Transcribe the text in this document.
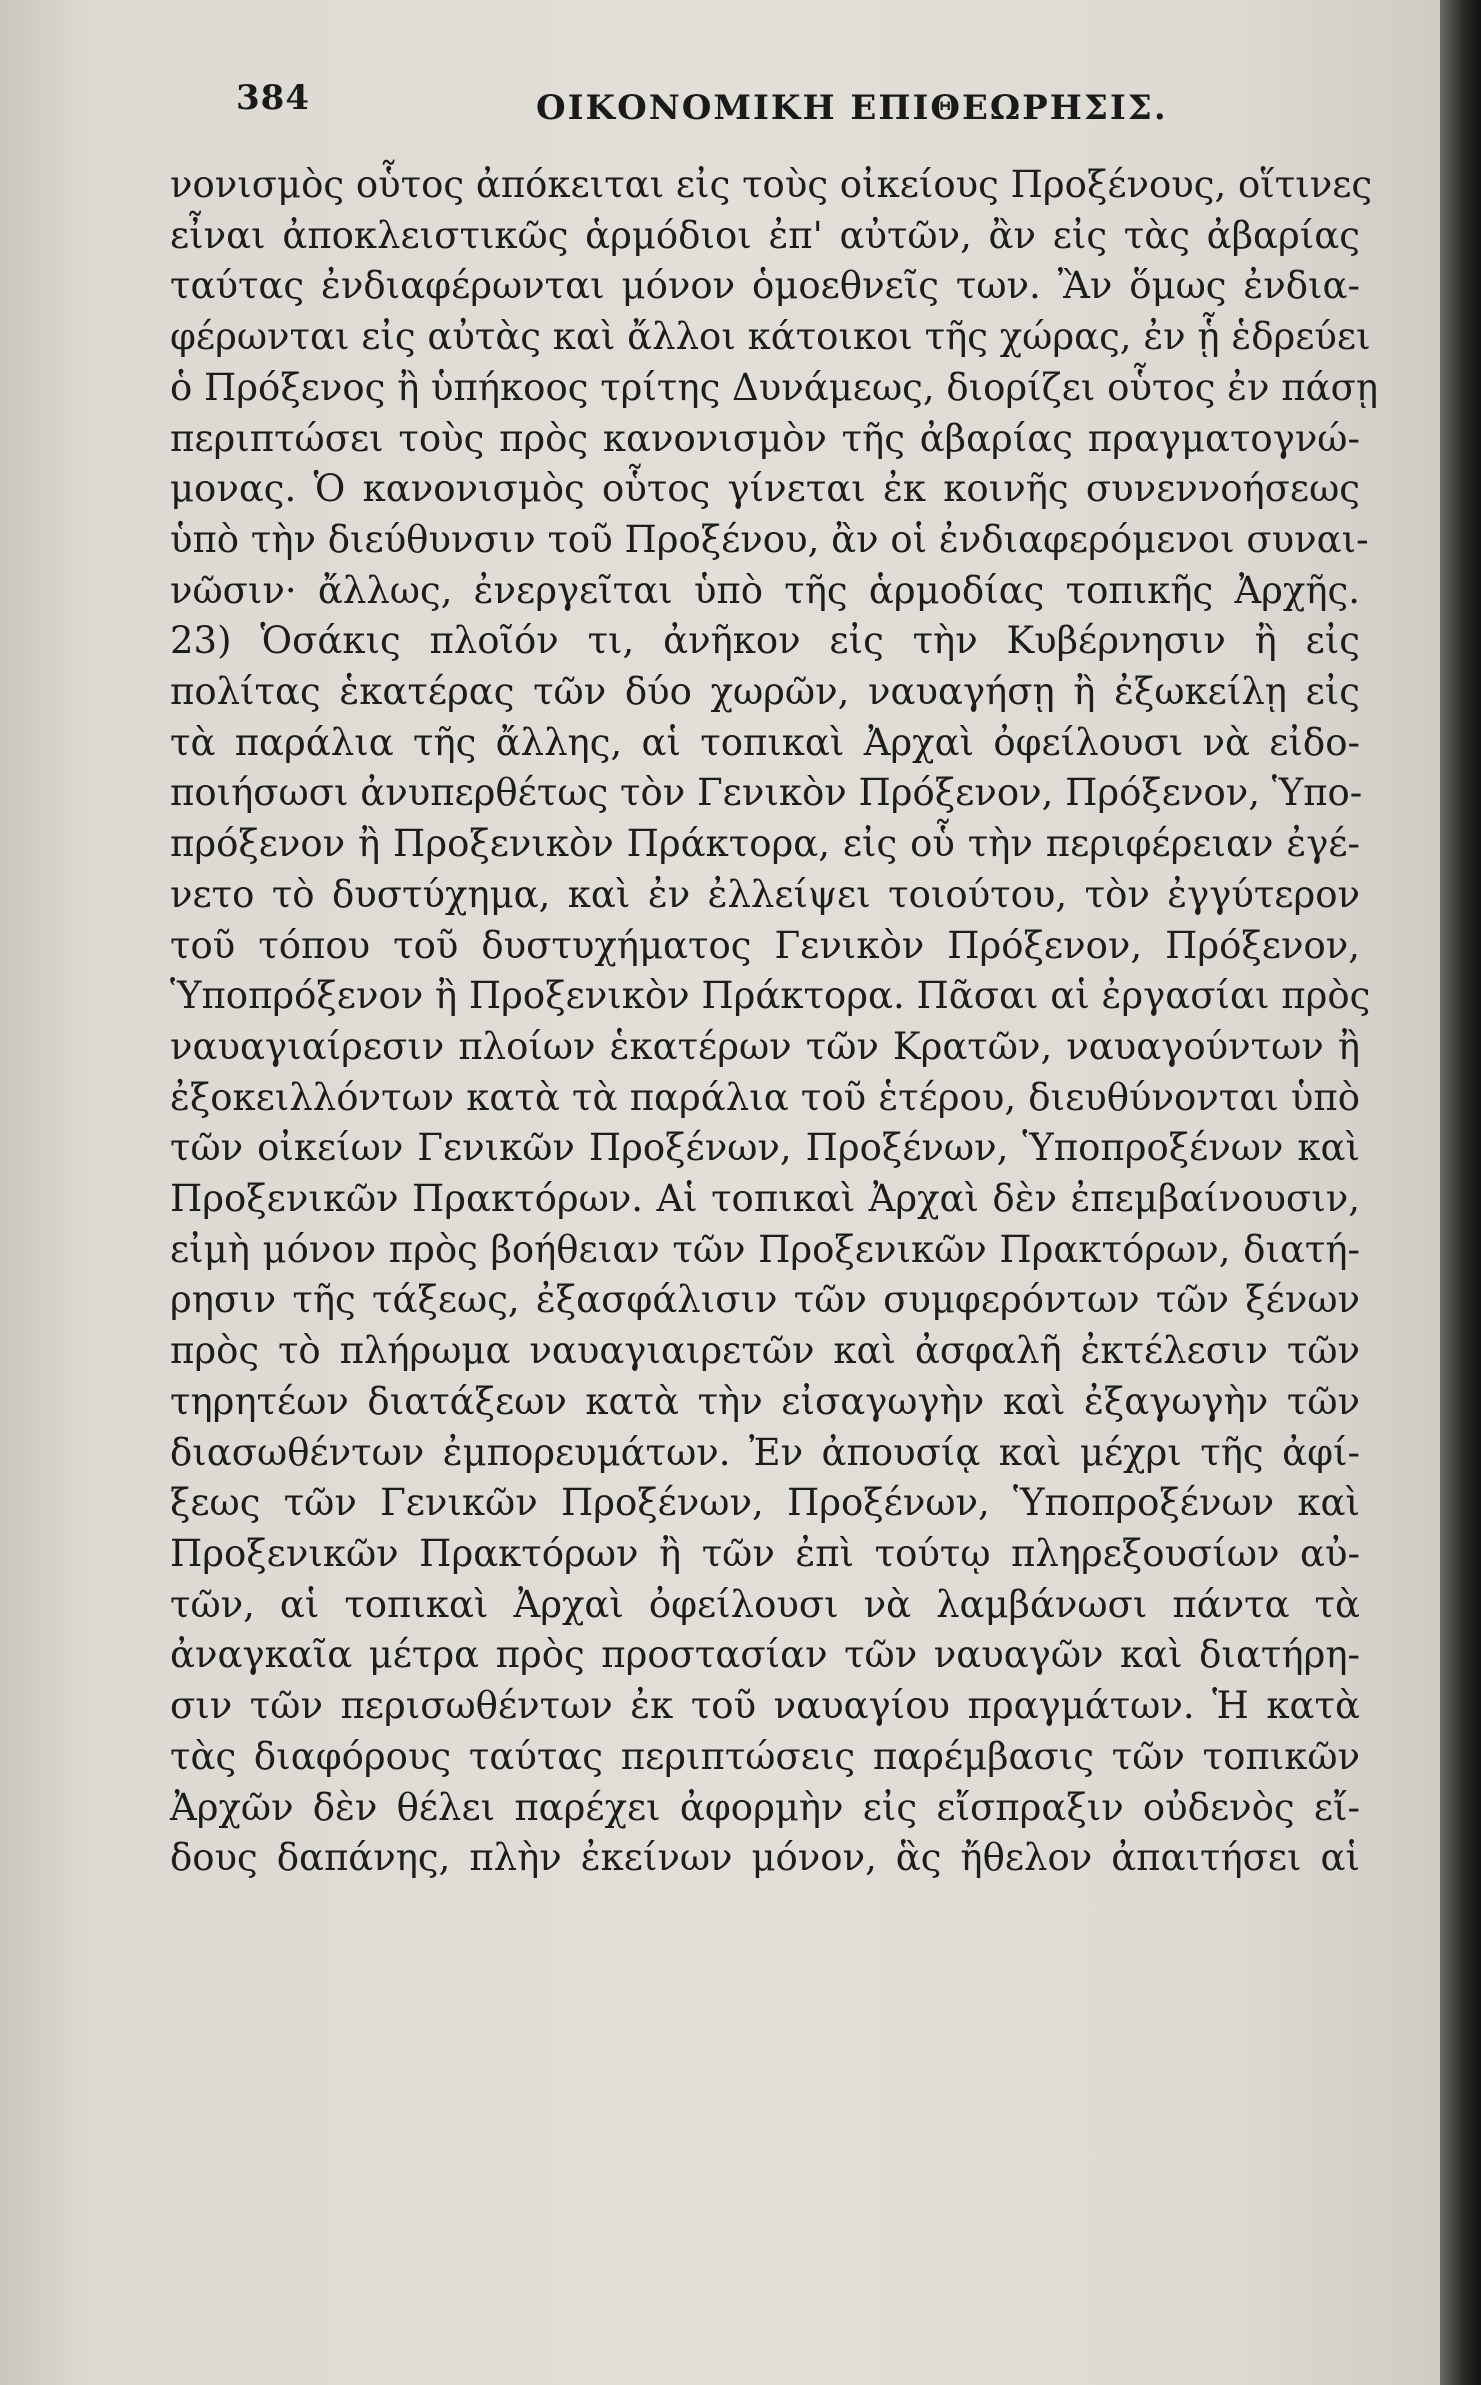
384	ΟΙΚΟΝΟΜΙΚΗ ΕΠΙΘΕΩΡΗΣΙΣ.
νονισμὸς οὗτος ἀπόκειται εἰς τοὺς οἰκείους Προξένους, οἵτινες
εἶναι ἀποκλειστικῶς ἁρμόδιοι ἐπ' αὐτῶν, ἂν εἰς τὰς ἀβαρίας
ταύτας ἐνδιαφέρωνται μόνον ὁμοεθνεῖς των. Ἂν ὅμως ἐνδια-
φέρωνται εἰς αὐτὰς καὶ ἄλλοι κάτοικοι τῆς χώρας, ἐν ᾗ ἑδρεύει
ὁ Πρόξενος ἢ ὑπήκοος τρίτης Δυνάμεως, διορίζει οὗτος ἐν πάσῃ
περιπτώσει τοὺς πρὸς κανονισμὸν τῆς ἀβαρίας πραγματογνώ-
μονας. Ὁ κανονισμὸς οὗτος γίνεται ἐκ κοινῆς συνεννοήσεως
ὑπὸ τὴν διεύθυνσιν τοῦ Προξένου, ἂν οἱ ἐνδιαφερόμενοι συναι-
νῶσιν· ἄλλως, ἐνεργεῖται ὑπὸ τῆς ἁρμοδίας τοπικῆς Ἀρχῆς.
23) Ὁσάκις πλοῖόν τι, ἀνῆκον εἰς τὴν Κυβέρνησιν ἢ εἰς
πολίτας ἑκατέρας τῶν δύο χωρῶν, ναυαγήσῃ ἢ ἐξωκείλῃ εἰς
τὰ παράλια τῆς ἄλλης, αἱ τοπικαὶ Ἀρχαὶ ὀφείλουσι νὰ εἰδο-
ποιήσωσι ἀνυπερθέτως τὸν Γενικὸν Πρόξενον, Πρόξενον, Ὑπο-
πρόξενον ἢ Προξενικὸν Πράκτορα, εἰς οὗ τὴν περιφέρειαν ἐγέ-
νετο τὸ δυστύχημα, καὶ ἐν ἐλλείψει τοιούτου, τὸν ἐγγύτερον
τοῦ τόπου τοῦ δυστυχήματος Γενικὸν Πρόξενον, Πρόξενον,
Ὑποπρόξενον ἢ Προξενικὸν Πράκτορα. Πᾶσαι αἱ ἐργασίαι πρὸς
ναυαγιαίρεσιν πλοίων ἑκατέρων τῶν Κρατῶν, ναυαγούντων ἢ
ἐξοκειλλόντων κατὰ τὰ παράλια τοῦ ἑτέρου, διευθύνονται ὑπὸ
τῶν οἰκείων Γενικῶν Προξένων, Προξένων, Ὑποπροξένων καὶ
Προξενικῶν Πρακτόρων. Αἱ τοπικαὶ Ἀρχαὶ δὲν ἐπεμβαίνουσιν,
εἰμὴ μόνον πρὸς βοήθειαν τῶν Προξενικῶν Πρακτόρων, διατή-
ρησιν τῆς τάξεως, ἐξασφάλισιν τῶν συμφερόντων τῶν ξένων
πρὸς τὸ πλήρωμα ναυαγιαιρετῶν καὶ ἀσφαλῆ ἐκτέλεσιν τῶν
τηρητέων διατάξεων κατὰ τὴν εἰσαγωγὴν καὶ ἐξαγωγὴν τῶν
διασωθέντων ἐμπορευμάτων. Ἐν ἀπουσίᾳ καὶ μέχρι τῆς ἀφί-
ξεως τῶν Γενικῶν Προξένων, Προξένων, Ὑποπροξένων καὶ
Προξενικῶν Πρακτόρων ἢ τῶν ἐπὶ τούτῳ πληρεξουσίων αὐ-
τῶν, αἱ τοπικαὶ Ἀρχαὶ ὀφείλουσι νὰ λαμβάνωσι πάντα τὰ
ἀναγκαῖα μέτρα πρὸς προστασίαν τῶν ναυαγῶν καὶ διατήρη-
σιν τῶν περισωθέντων ἐκ τοῦ ναυαγίου πραγμάτων. Ἡ κατὰ
τὰς διαφόρους ταύτας περιπτώσεις παρέμβασις τῶν τοπικῶν
Ἀρχῶν δὲν θέλει παρέχει ἀφορμὴν εἰς εἴσπραξιν οὐδενὸς εἴ-
δους δαπάνης, πλὴν ἐκείνων μόνον, ἃς ἤθελον ἀπαιτήσει αἱ
